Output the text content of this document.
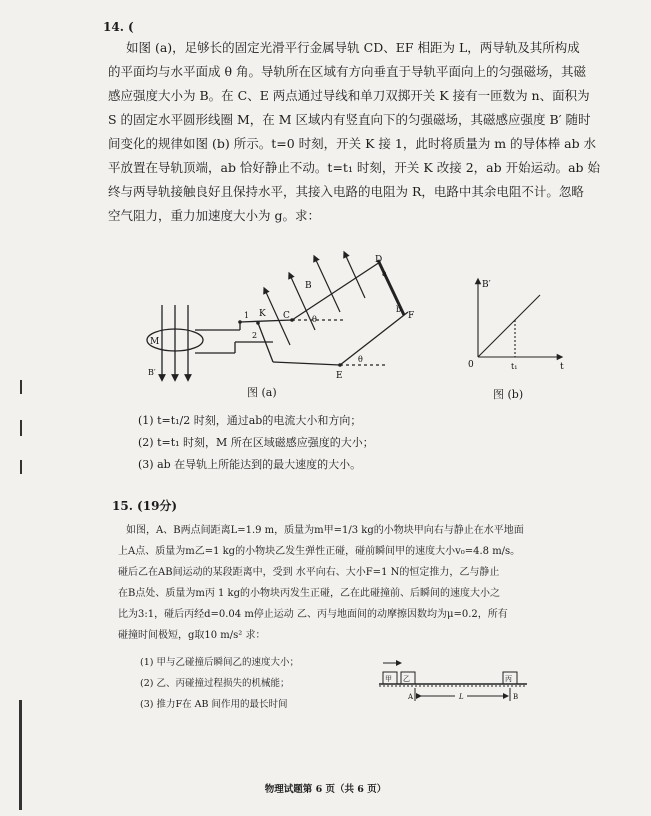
14. (
如图 (a)，足够长的固定光滑平行金属导轨 CD、EF 相距为 L，两导轨及其所构成
的平面均与水平面成 θ 角。导轨所在区域有方向垂直于导轨平面向上的匀强磁场，其磁
感应强度大小为 B。在 C、E 两点通过导线和单刀双掷开关 K 接有一匝数为 n、面积为
S 的固定水平圆形线圈 M，在 M 区域内有竖直向下的匀强磁场，其磁感应强度 B′ 随时
间变化的规律如图 (b) 所示。t=0 时刻，开关 K 接 1，此时将质量为 m 的导体棒 ab 水
平放置在导轨顶端，ab 恰好静止不动。t=t₁ 时刻，开关 K 改接 2，ab 开始运动。ab 始
终与两导轨接触良好且保持水平，其接入电路的电阻为 R，电路中其余电阻不计。忽略
空气阻力，重力加速度大小为 g。求：
D
a
b
F
B
K
1
2
C	θ
θ
M
B′	E
图 (a)
B′
0	t₁	t
图 (b)
(1) t=t₁/2 时刻，通过ab的电流大小和方向；
(2) t=t₁ 时刻，M 所在区域磁感应强度的大小；
(3) ab 在导轨上所能达到的最大速度的大小。
15. (19分)
如图，A、B两点间距离L=1.9 m，质量为m甲=1/3 kg的小物块甲向右与静止在水平地面
上A点、质量为m乙=1 kg的小物块乙发生弹性正碰，碰前瞬间甲的速度大小v₀=4.8 m/s。
碰后乙在AB间运动的某段距离中，受到 水平向右、大小F=1 N的恒定推力，乙与静止
在B点处、质量为m丙 1 kg的小物块丙发生正碰，乙在此碰撞前、后瞬间的速度大小之
比为3:1，碰后丙经d=0.04 m停止运动 乙、丙与地面间的动摩擦因数均为μ=0.2，所有
碰撞时间极短，g取10 m/s² 求：
(1) 甲与乙碰撞后瞬间乙的速度大小；
(2) 乙、丙碰撞过程损失的机械能；
(3) 推力F在 AB 间作用的最长时间
甲 乙	丙
A	B
L
物理试题第 6 页（共 6 页）
